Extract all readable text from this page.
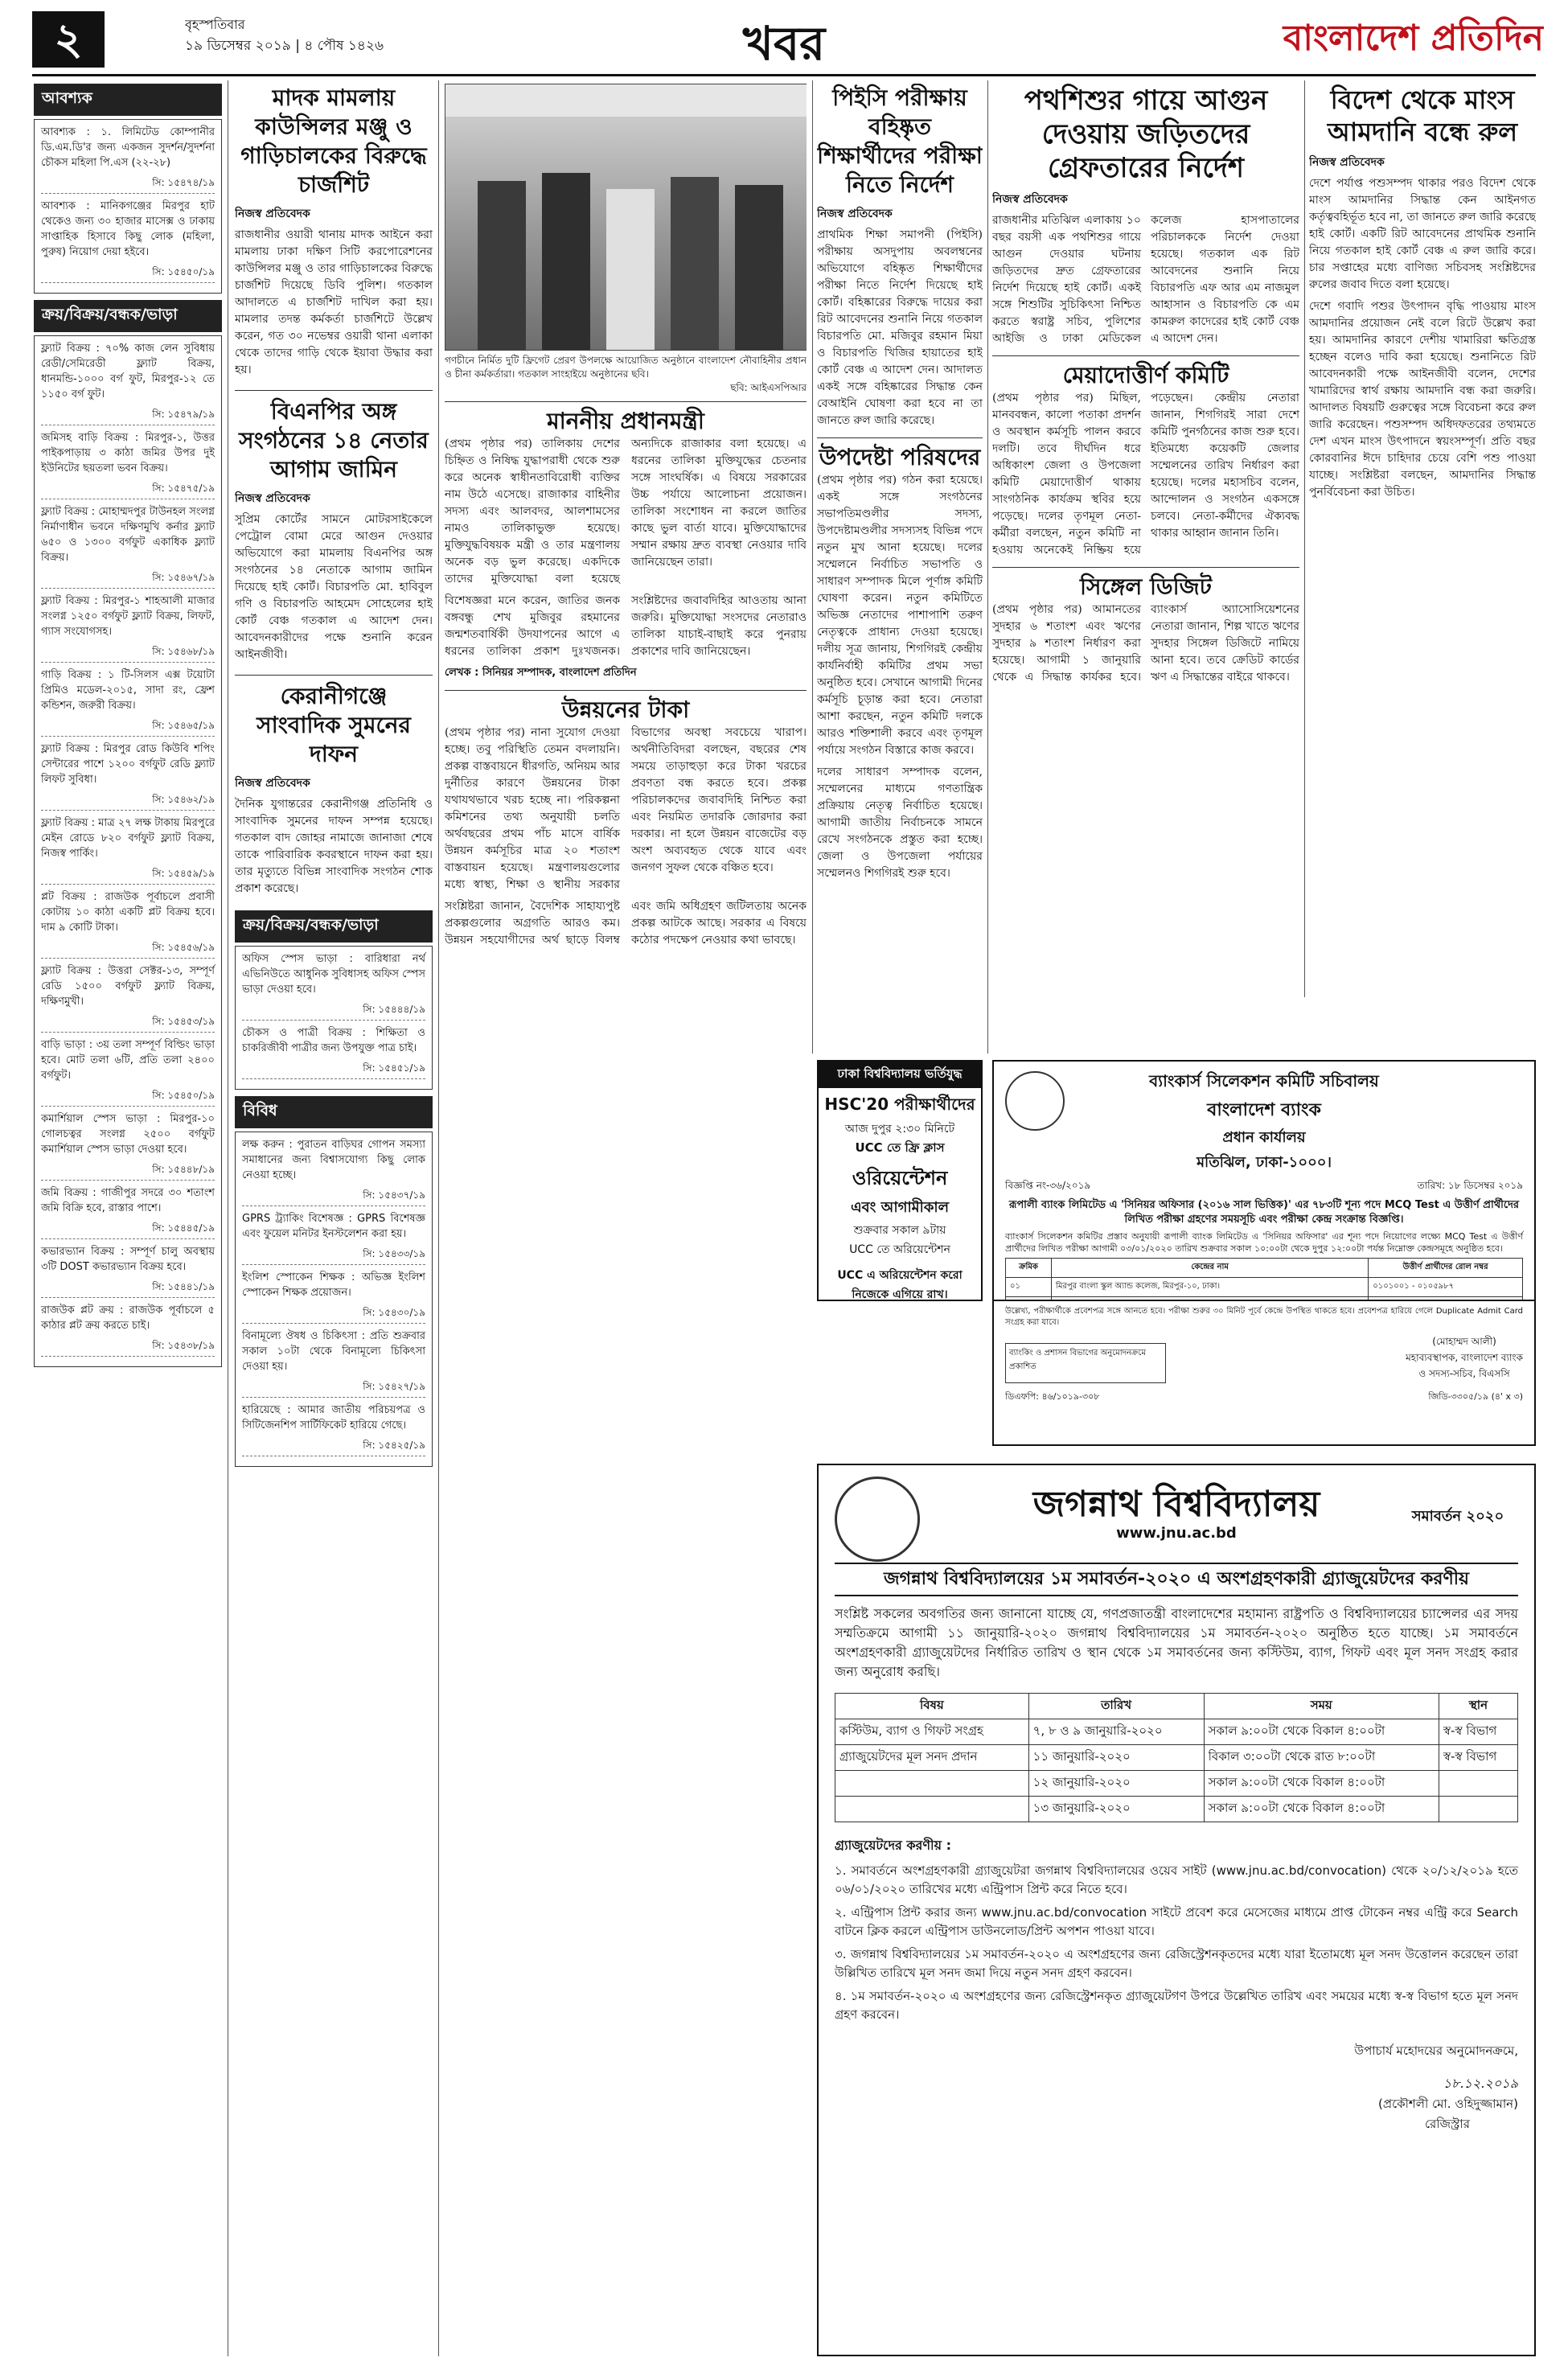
২	বৃহস্পতিবার
১৯ ডিসেম্বর ২০১৯ | ৪ পৌষ ১৪২৬	খবর	বাংলাদেশ প্রতিদিন
আবশ্যক
আবশ্যক : ১. লিমিটেড কোম্পানীর ডি.এম.ডি'র জন্য একজন সুদর্শন/সুদর্শনা চৌকস মহিলা পি.এস (২২-২৮)
সি: ১৫৪৭৪/১৯
আবশ্যক : মানিকগঞ্জের মিরপুর হাট থেকেও জন্য ৩০ হাজার মাসেক্স ও ঢাকায় সাপ্তাহিক হিসাবে কিছু লোক (মহিলা, পুরুষ) নিয়োগ দেয়া হইবে।
সি: ১৫৪৫০/১৯
ক্রয়/বিক্রয়/বন্ধক/ভাড়া
ফ্ল্যাট বিক্রয় : ৭০% কাজ লেন সুবিধায় রেডী/সেমিরেডী ফ্ল্যাট বিক্রয়, ধানমন্ডি-১০০০ বর্গ ফুট, মিরপুর-১২ তে ১১৫০ বর্গ ফুট।
সি: ১৫৪৭৯/১৯
জমিসহ বাড়ি বিক্রয় : মিরপুর-১, উত্তর পাইকপাড়ায় ৩ কাঠা জমির উপর দুই ইউনিটের ছয়তলা ভবন বিক্রয়।
সি: ১৫৪৭৫/১৯
ফ্ল্যাট বিক্রয় : মোহাম্মদপুর টাউনহল সংলগ্ন নির্মাণাধীন ভবনে দক্ষিণমুখি কর্নার ফ্ল্যাট ৬৫০ ও ১৩০০ বর্গফুট একাধিক ফ্ল্যাট বিক্রয়।
সি: ১৫৪৬৭/১৯
ফ্ল্যাট বিক্রয় : মিরপুর-১ শাহআলী মাজার সংলগ্ন ১২৫০ বর্গফুট ফ্ল্যাট বিক্রয়, লিফট, গ্যাস সংযোগসহ।
সি: ১৫৪৬৮/১৯
গাড়ি বিক্রয় : ১ টি-সিলস এক্স টয়োটা প্রিমিও মডেল-২০১৫, সাদা রং, ফ্রেশ কন্ডিশন, জরুরী বিক্রয়।
সি: ১৫৪৬৫/১৯
ফ্ল্যাট বিক্রয় : মিরপুর রোড কিউবি শপিং সেন্টারের পাশে ১২০০ বর্গফুট রেডি ফ্ল্যাট লিফট সুবিধা।
সি: ১৫৪৬২/১৯
ফ্ল্যাট বিক্রয় : মাত্র ২৭ লক্ষ টাকায় মিরপুরে মেইন রোডে ৮২০ বর্গফুট ফ্ল্যাট বিক্রয়, নিজস্ব পার্কিং।
সি: ১৫৪৫৯/১৯
প্লট বিক্রয় : রাজউক পূর্বাচলে প্রবাসী কোটায় ১০ কাঠা একটি প্লট বিক্রয় হবে। দাম ৯ কোটি টাকা।
সি: ১৫৪৫৬/১৯
ফ্ল্যাট বিক্রয় : উত্তরা সেক্টর-১৩, সম্পূর্ণ রেডি ১৫০০ বর্গফুট ফ্ল্যাট বিক্রয়, দক্ষিণমুখী।
সি: ১৫৪৫৩/১৯
বাড়ি ভাড়া : ৩য় তলা সম্পূর্ণ বিল্ডিং ভাড়া হবে। মোট তলা ৬টি, প্রতি তলা ২৪০০ বর্গফুট।
সি: ১৫৪৫০/১৯
কমার্শিয়াল স্পেস ভাড়া : মিরপুর-১০ গোলচত্বর সংলগ্ন ২৫০০ বর্গফুট কমার্শিয়াল স্পেস ভাড়া দেওয়া হবে।
সি: ১৫৪৪৮/১৯
জমি বিক্রয় : গাজীপুর সদরে ৩০ শতাংশ জমি বিক্রি হবে, রাস্তার পাশে।
সি: ১৫৪৪৫/১৯
কভারভ্যান বিক্রয় : সম্পূর্ণ চালু অবস্থায় ৩টি DOST কভারভ্যান বিক্রয় হবে।
সি: ১৫৪৪১/১৯
রাজউক প্লট ক্রয় : রাজউক পূর্বাচলে ৫ কাঠার প্লট ক্রয় করতে চাই।
সি: ১৫৪৩৮/১৯
মাদক মামলায় কাউন্সিলর মঞ্জু ও গাড়িচালকের বিরুদ্ধে চার্জশিট
নিজস্ব প্রতিবেদক
রাজধানীর ওয়ারী থানায় মাদক আইনে করা মামলায় ঢাকা দক্ষিণ সিটি করপোরেশনের কাউন্সিলর মঞ্জু ও তার গাড়িচালকের বিরুদ্ধে চার্জশিট দিয়েছে ডিবি পুলিশ। গতকাল আদালতে এ চার্জশিট দাখিল করা হয়। মামলার তদন্ত কর্মকর্তা চার্জশিটে উল্লেখ করেন, গত ৩০ নভেম্বর ওয়ারী থানা এলাকা থেকে তাদের গাড়ি থেকে ইয়াবা উদ্ধার করা হয়।
বিএনপির অঙ্গ সংগঠনের ১৪ নেতার আগাম জামিন
নিজস্ব প্রতিবেদক
সুপ্রিম কোর্টের সামনে মোটরসাইকেলে পেট্রোল বোমা মেরে আগুন দেওয়ার অভিযোগে করা মামলায় বিএনপির অঙ্গ সংগঠনের ১৪ নেতাকে আগাম জামিন দিয়েছে হাই কোর্ট। বিচারপতি মো. হাবিবুল গণি ও বিচারপতি আহমেদ সোহেলের হাই কোর্ট বেঞ্চ গতকাল এ আদেশ দেন। আবেদনকারীদের পক্ষে শুনানি করেন আইনজীবী।
কেরানীগঞ্জে সাংবাদিক সুমনের দাফন
নিজস্ব প্রতিবেদক
দৈনিক যুগান্তরের কেরানীগঞ্জ প্রতিনিধি ও সাংবাদিক সুমনের দাফন সম্পন্ন হয়েছে। গতকাল বাদ জোহর নামাজে জানাজা শেষে তাকে পারিবারিক কবরস্থানে দাফন করা হয়। তার মৃত্যুতে বিভিন্ন সাংবাদিক সংগঠন শোক প্রকাশ করেছে।
ক্রয়/বিক্রয়/বন্ধক/ভাড়া
অফিস স্পেস ভাড়া : বারিধারা নর্থ এভিনিউতে আধুনিক সুবিধাসহ অফিস স্পেস ভাড়া দেওয়া হবে।
সি: ১৫৪৪৪/১৯
চৌকস ও পাত্রী বিক্রয় : শিক্ষিতা ও চাকরিজীবী পাত্রীর জন্য উপযুক্ত পাত্র চাই।
সি: ১৫৪৫১/১৯
বিবিধ
লক্ষ করুন : পুরাতন বাড়িঘর গোপন সমস্যা সমাধানের জন্য বিশ্বাসযোগ্য কিছু লোক নেওয়া হচ্ছে।
সি: ১৫৪৩৭/১৯
GPRS ট্র্যাকিং বিশেষজ্ঞ : GPRS বিশেষজ্ঞ এবং ফুয়েল মনিটর ইনস্টলেশন করা হয়।
সি: ১৫৪৩৩/১৯
ইংলিশ স্পোকেন শিক্ষক : অভিজ্ঞ ইংলিশ স্পোকেন শিক্ষক প্রয়োজন।
সি: ১৫৪৩০/১৯
বিনামূল্যে ঔষধ ও চিকিৎসা : প্রতি শুক্রবার সকাল ১০টা থেকে বিনামূল্যে চিকিৎসা দেওয়া হয়।
সি: ১৫৪২৭/১৯
হারিয়েছে : আমার জাতীয় পরিচয়পত্র ও সিটিজেনশিপ সার্টিফিকেট হারিয়ে গেছে।
সি: ১৫৪২৫/১৯
গণচীনে নির্মিত দুটি ফ্রিগেট প্রেরণ উপলক্ষে আয়োজিত অনুষ্ঠানে বাংলাদেশ নৌবাহিনীর প্রধান ও চীনা কর্মকর্তারা। গতকাল সাংহাইয়ে অনুষ্ঠানের ছবি।
ছবি: আইএসপিআর
মাননীয় প্রধানমন্ত্রী
(প্রথম পৃষ্ঠার পর) তালিকায় দেশের চিহ্নিত ও নিষিদ্ধ যুদ্ধাপরাধী থেকে শুরু করে অনেক স্বাধীনতাবিরোধী ব্যক্তির নাম উঠে এসেছে। রাজাকার বাহিনীর সদস্য এবং আলবদর, আলশামসের নামও তালিকাভুক্ত হয়েছে। মুক্তিযুদ্ধবিষয়ক মন্ত্রী ও তার মন্ত্রণালয় অনেক বড় ভুল করেছে। একদিকে তাদের মুক্তিযোদ্ধা বলা হয়েছে অন্যদিকে রাজাকার বলা হয়েছে। এ ধরনের তালিকা মুক্তিযুদ্ধের চেতনার সঙ্গে সাংঘর্ষিক। এ বিষয়ে সরকারের উচ্চ পর্যায়ে আলোচনা প্রয়োজন। তালিকা সংশোধন না করলে জাতির কাছে ভুল বার্তা যাবে। মুক্তিযোদ্ধাদের সম্মান রক্ষায় দ্রুত ব্যবস্থা নেওয়ার দাবি জানিয়েছেন তারা।
বিশেষজ্ঞরা মনে করেন, জাতির জনক বঙ্গবন্ধু শেখ মুজিবুর রহমানের জন্মশতবার্ষিকী উদযাপনের আগে এ ধরনের তালিকা প্রকাশ দুঃখজনক। সংশ্লিষ্টদের জবাবদিহির আওতায় আনা জরুরি। মুক্তিযোদ্ধা সংসদের নেতারাও তালিকা যাচাই-বাছাই করে পুনরায় প্রকাশের দাবি জানিয়েছেন।
লেখক : সিনিয়র সম্পাদক, বাংলাদেশ প্রতিদিন
উন্নয়নের টাকা
(প্রথম পৃষ্ঠার পর) নানা সুযোগ দেওয়া হচ্ছে। তবু পরিস্থিতি তেমন বদলায়নি। প্রকল্প বাস্তবায়নে ধীরগতি, অনিয়ম আর দুর্নীতির কারণে উন্নয়নের টাকা যথাযথভাবে খরচ হচ্ছে না। পরিকল্পনা কমিশনের তথ্য অনুযায়ী চলতি অর্থবছরের প্রথম পাঁচ মাসে বার্ষিক উন্নয়ন কর্মসূচির মাত্র ২০ শতাংশ বাস্তবায়ন হয়েছে। মন্ত্রণালয়গুলোর মধ্যে স্বাস্থ্য, শিক্ষা ও স্থানীয় সরকার বিভাগের অবস্থা সবচেয়ে খারাপ। অর্থনীতিবিদরা বলছেন, বছরের শেষ সময়ে তাড়াহুড়া করে টাকা খরচের প্রবণতা বন্ধ করতে হবে। প্রকল্প পরিচালকদের জবাবদিহি নিশ্চিত করা এবং নিয়মিত তদারকি জোরদার করা দরকার। না হলে উন্নয়ন বাজেটের বড় অংশ অব্যবহৃত থেকে যাবে এবং জনগণ সুফল থেকে বঞ্চিত হবে।
সংশ্লিষ্টরা জানান, বৈদেশিক সাহায্যপুষ্ট প্রকল্পগুলোর অগ্রগতি আরও কম। উন্নয়ন সহযোগীদের অর্থ ছাড়ে বিলম্ব এবং জমি অধিগ্রহণ জটিলতায় অনেক প্রকল্প আটকে আছে। সরকার এ বিষয়ে কঠোর পদক্ষেপ নেওয়ার কথা ভাবছে।
পিইসি পরীক্ষায় বহিষ্কৃত শিক্ষার্থীদের পরীক্ষা নিতে নির্দেশ
নিজস্ব প্রতিবেদক
প্রাথমিক শিক্ষা সমাপনী (পিইসি) পরীক্ষায় অসদুপায় অবলম্বনের অভিযোগে বহিষ্কৃত শিক্ষার্থীদের পরীক্ষা নিতে নির্দেশ দিয়েছে হাই কোর্ট। বহিষ্কারের বিরুদ্ধে দায়ের করা রিট আবেদনের শুনানি নিয়ে গতকাল বিচারপতি মো. মজিবুর রহমান মিয়া ও বিচারপতি খিজির হায়াতের হাই কোর্ট বেঞ্চ এ আদেশ দেন। আদালত একই সঙ্গে বহিষ্কারের সিদ্ধান্ত কেন বেআইনি ঘোষণা করা হবে না তা জানতে রুল জারি করেছে।
উপদেষ্টা পরিষদের
(প্রথম পৃষ্ঠার পর) গঠন করা হয়েছে। একই সঙ্গে সংগঠনের সভাপতিমণ্ডলীর সদস্য, উপদেষ্টামণ্ডলীর সদস্যসহ বিভিন্ন পদে নতুন মুখ আনা হয়েছে। দলের সম্মেলনে নির্বাচিত সভাপতি ও সাধারণ সম্পাদক মিলে পূর্ণাঙ্গ কমিটি ঘোষণা করেন। নতুন কমিটিতে অভিজ্ঞ নেতাদের পাশাপাশি তরুণ নেতৃত্বকে প্রাধান্য দেওয়া হয়েছে। দলীয় সূত্র জানায়, শিগগিরই কেন্দ্রীয় কার্যনির্বাহী কমিটির প্রথম সভা অনুষ্ঠিত হবে। সেখানে আগামী দিনের কর্মসূচি চূড়ান্ত করা হবে। নেতারা আশা করছেন, নতুন কমিটি দলকে আরও শক্তিশালী করবে এবং তৃণমূল পর্যায়ে সংগঠন বিস্তারে কাজ করবে।
দলের সাধারণ সম্পাদক বলেন, সম্মেলনের মাধ্যমে গণতান্ত্রিক প্রক্রিয়ায় নেতৃত্ব নির্বাচিত হয়েছে। আগামী জাতীয় নির্বাচনকে সামনে রেখে সংগঠনকে প্রস্তুত করা হচ্ছে। জেলা ও উপজেলা পর্যায়ের সম্মেলনও শিগগিরই শুরু হবে।
পথশিশুর গায়ে আগুন দেওয়ায় জড়িতদের গ্রেফতারের নির্দেশ
নিজস্ব প্রতিবেদক
রাজধানীর মতিঝিল এলাকায় ১০ বছর বয়সী এক পথশিশুর গায়ে আগুন দেওয়ার ঘটনায় জড়িতদের দ্রুত গ্রেফতারের নির্দেশ দিয়েছে হাই কোর্ট। একই সঙ্গে শিশুটির সুচিকিৎসা নিশ্চিত করতে স্বরাষ্ট্র সচিব, পুলিশের আইজি ও ঢাকা মেডিকেল কলেজ হাসপাতালের পরিচালককে নির্দেশ দেওয়া হয়েছে। গতকাল এক রিট আবেদনের শুনানি নিয়ে বিচারপতি এফ আর এম নাজমুল আহাসান ও বিচারপতি কে এম কামরুল কাদেরের হাই কোর্ট বেঞ্চ এ আদেশ দেন।
মেয়াদোত্তীর্ণ কমিটি
(প্রথম পৃষ্ঠার পর) মিছিল, মানববন্ধন, কালো পতাকা প্রদর্শন ও অবস্থান কর্মসূচি পালন করবে দলটি। তবে দীর্ঘদিন ধরে অধিকাংশ জেলা ও উপজেলা কমিটি মেয়াদোত্তীর্ণ থাকায় সাংগঠনিক কার্যক্রম স্থবির হয়ে পড়েছে। দলের তৃণমূল নেতা-কর্মীরা বলছেন, নতুন কমিটি না হওয়ায় অনেকেই নিষ্ক্রিয় হয়ে পড়েছেন। কেন্দ্রীয় নেতারা জানান, শিগগিরই সারা দেশে কমিটি পুনর্গঠনের কাজ শুরু হবে। ইতিমধ্যে কয়েকটি জেলার সম্মেলনের তারিখ নির্ধারণ করা হয়েছে। দলের মহাসচিব বলেন, আন্দোলন ও সংগঠন একসঙ্গে চলবে। নেতা-কর্মীদের ঐক্যবদ্ধ থাকার আহ্বান জানান তিনি।
সিঙ্গেল ডিজিট
(প্রথম পৃষ্ঠার পর) আমানতের সুদহার ৬ শতাংশ এবং ঋণের সুদহার ৯ শতাংশ নির্ধারণ করা হয়েছে। আগামী ১ জানুয়ারি থেকে এ সিদ্ধান্ত কার্যকর হবে। ব্যাংকার্স অ্যাসোসিয়েশনের নেতারা জানান, শিল্প খাতে ঋণের সুদহার সিঙ্গেল ডিজিটে নামিয়ে আনা হবে। তবে ক্রেডিট কার্ডের ঋণ এ সিদ্ধান্তের বাইরে থাকবে।
বিদেশ থেকে মাংস আমদানি বন্ধে রুল
নিজস্ব প্রতিবেদক
দেশে পর্যাপ্ত পশুসম্পদ থাকার পরও বিদেশ থেকে মাংস আমদানির সিদ্ধান্ত কেন আইনগত কর্তৃত্ববহির্ভূত হবে না, তা জানতে রুল জারি করেছে হাই কোর্ট। একটি রিট আবেদনের প্রাথমিক শুনানি নিয়ে গতকাল হাই কোর্ট বেঞ্চ এ রুল জারি করে। চার সপ্তাহের মধ্যে বাণিজ্য সচিবসহ সংশ্লিষ্টদের রুলের জবাব দিতে বলা হয়েছে।
দেশে গবাদি পশুর উৎপাদন বৃদ্ধি পাওয়ায় মাংস আমদানির প্রয়োজন নেই বলে রিটে উল্লেখ করা হয়। আমদানির কারণে দেশীয় খামারিরা ক্ষতিগ্রস্ত হচ্ছেন বলেও দাবি করা হয়েছে। শুনানিতে রিট আবেদনকারী পক্ষে আইনজীবী বলেন, দেশের খামারিদের স্বার্থ রক্ষায় আমদানি বন্ধ করা জরুরি। আদালত বিষয়টি গুরুত্বের সঙ্গে বিবেচনা করে রুল জারি করেছেন। পশুসম্পদ অধিদফতরের তথ্যমতে দেশ এখন মাংস উৎপাদনে স্বয়ংসম্পূর্ণ। প্রতি বছর কোরবানির ঈদে চাহিদার চেয়ে বেশি পশু পাওয়া যাচ্ছে। সংশ্লিষ্টরা বলছেন, আমদানির সিদ্ধান্ত পুনর্বিবেচনা করা উচিত।
ঢাকা বিশ্ববিদ্যালয় ভর্তিযুদ্ধ
HSC'20 পরীক্ষার্থীদের
আজ দুপুর ২:৩০ মিনিটে
UCC তে ফ্রি ক্লাস
ওরিয়েন্টেশন
এবং আগামীকাল
শুক্রবার সকাল ৯টায়
UCC তে অরিয়েন্টেশন
UCC এ অরিয়েন্টেশন করো
নিজেকে এগিয়ে রাখ।
ব্যাংকার্স সিলেকশন কমিটি সচিবালয়
বাংলাদেশ ব্যাংক
প্রধান কার্যালয়
মতিঝিল, ঢাকা-১০০০।
বিজ্ঞপ্তি নং-৩৬/২০১৯	তারিখ: ১৮ ডিসেম্বর ২০১৯
রূপালী ব্যাংক লিমিটেড এ 'সিনিয়র অফিসার (২০১৬ সাল ভিত্তিক)' এর ৭৮৩টি শূন্য পদে MCQ Test এ উত্তীর্ণ প্রার্থীদের লিখিত পরীক্ষা গ্রহণের সময়সূচি এবং পরীক্ষা কেন্দ্র সংক্রান্ত বিজ্ঞপ্তি।
ব্যাংকার্স সিলেকশন কমিটির প্রস্তাব অনুযায়ী রূপালী ব্যাংক লিমিটেড এ 'সিনিয়র অফিসার' এর শূন্য পদে নিয়োগের লক্ষ্যে MCQ Test এ উত্তীর্ণ প্রার্থীদের লিখিত পরীক্ষা আগামী ০৩/০১/২০২০ তারিখ শুক্রবার সকাল ১০:০০টা থেকে দুপুর ১২:০০টা পর্যন্ত নিম্নোক্ত কেন্দ্রসমূহে অনুষ্ঠিত হবে।
ক্রমিক	কেন্দ্রের নাম	উত্তীর্ণ প্রার্থীদের রোল নম্বর
০১	মিরপুর বাংলা স্কুল অ্যান্ড কলেজ, মিরপুর-১০, ঢাকা।	০১০১০০১ - ০১০৫৯৮৭

উল্লেখ্য, পরীক্ষার্থীকে প্রবেশপত্র সঙ্গে আনতে হবে। পরীক্ষা শুরুর ৩০ মিনিট পূর্বে কেন্দ্রে উপস্থিত থাকতে হবে। প্রবেশপত্র হারিয়ে গেলে Duplicate Admit Card সংগ্রহ করা যাবে।
ব্যাংকিং ও প্রশাসন বিভাগের অনুমোদনক্রমে প্রকাশিত
(মোহাম্মদ আলী)
মহাব্যবস্থাপক, বাংলাদেশ ব্যাংক
ও সদস্য-সচিব, বিএসসি
ডিএফপি: ৪৬/১০১৯-৩০৮	জিডি-৩৩০৫/১৯ (৪' x ৩)
সমাবর্তন ২০২০
জগন্নাথ বিশ্ববিদ্যালয়
www.jnu.ac.bd
জগন্নাথ বিশ্ববিদ্যালয়ের ১ম সমাবর্তন-২০২০ এ অংশগ্রহণকারী গ্র্যাজুয়েটদের করণীয়
সংশ্লিষ্ট সকলের অবগতির জন্য জানানো যাচ্ছে যে, গণপ্রজাতন্ত্রী বাংলাদেশের মহামান্য রাষ্ট্রপতি ও বিশ্ববিদ্যালয়ের চ্যান্সেলর এর সদয় সম্মতিক্রমে আগামী ১১ জানুয়ারি-২০২০ জগন্নাথ বিশ্ববিদ্যালয়ের ১ম সমাবর্তন-২০২০ অনুষ্ঠিত হতে যাচ্ছে। ১ম সমাবর্তনে অংশগ্রহণকারী গ্র্যাজুয়েটদের নির্ধারিত তারিখ ও স্থান থেকে ১ম সমাবর্তনের জন্য কস্টিউম, ব্যাগ, গিফট এবং মূল সনদ সংগ্রহ করার জন্য অনুরোধ করছি।
বিষয়	তারিখ	সময়	স্থান
কস্টিউম, ব্যাগ ও গিফট সংগ্রহ	৭, ৮ ও ৯ জানুয়ারি-২০২০	সকাল ৯:০০টা থেকে বিকাল ৪:০০টা	স্ব-স্ব বিভাগ
গ্র্যাজুয়েটদের মূল সনদ প্রদান	১১ জানুয়ারি-২০২০	বিকাল ৩:০০টা থেকে রাত ৮:০০টা	স্ব-স্ব বিভাগ
	১২ জানুয়ারি-২০২০	সকাল ৯:০০টা থেকে বিকাল ৪:০০টা	
	১৩ জানুয়ারি-২০২০	সকাল ৯:০০টা থেকে বিকাল ৪:০০টা	
গ্র্যাজুয়েটদের করণীয় :
১. সমাবর্তনে অংশগ্রহণকারী গ্র্যাজুয়েটরা জগন্নাথ বিশ্ববিদ্যালয়ের ওয়েব সাইট (www.jnu.ac.bd/convocation) থেকে ২০/১২/২০১৯ হতে ০৬/০১/২০২০ তারিখের মধ্যে এন্ট্রিপাস প্রিন্ট করে নিতে হবে।
২. এন্ট্রিপাস প্রিন্ট করার জন্য www.jnu.ac.bd/convocation সাইটে প্রবেশ করে মেসেজের মাধ্যমে প্রাপ্ত টোকেন নম্বর এন্ট্রি করে Search বাটনে ক্লিক করলে এন্ট্রিপাস ডাউনলোড/প্রিন্ট অপশন পাওয়া যাবে।
৩. জগন্নাথ বিশ্ববিদ্যালয়ের ১ম সমাবর্তন-২০২০ এ অংশগ্রহণের জন্য রেজিস্ট্রেশনকৃতদের মধ্যে যারা ইতোমধ্যে মূল সনদ উত্তোলন করেছেন তারা উল্লিখিত তারিখে মূল সনদ জমা দিয়ে নতুন সনদ গ্রহণ করবেন।
৪. ১ম সমাবর্তন-২০২০ এ অংশগ্রহণের জন্য রেজিস্ট্রেশনকৃত গ্র্যাজুয়েটগণ উপরে উল্লেখিত তারিখ এবং সময়ের মধ্যে স্ব-স্ব বিভাগ হতে মূল সনদ গ্রহণ করবেন।
উপাচার্য মহোদয়ের অনুমোদনক্রমে,
১৮.১২.২০১৯
(প্রকৌশলী মো. ওহিদুজ্জামান)
রেজিস্ট্রার
